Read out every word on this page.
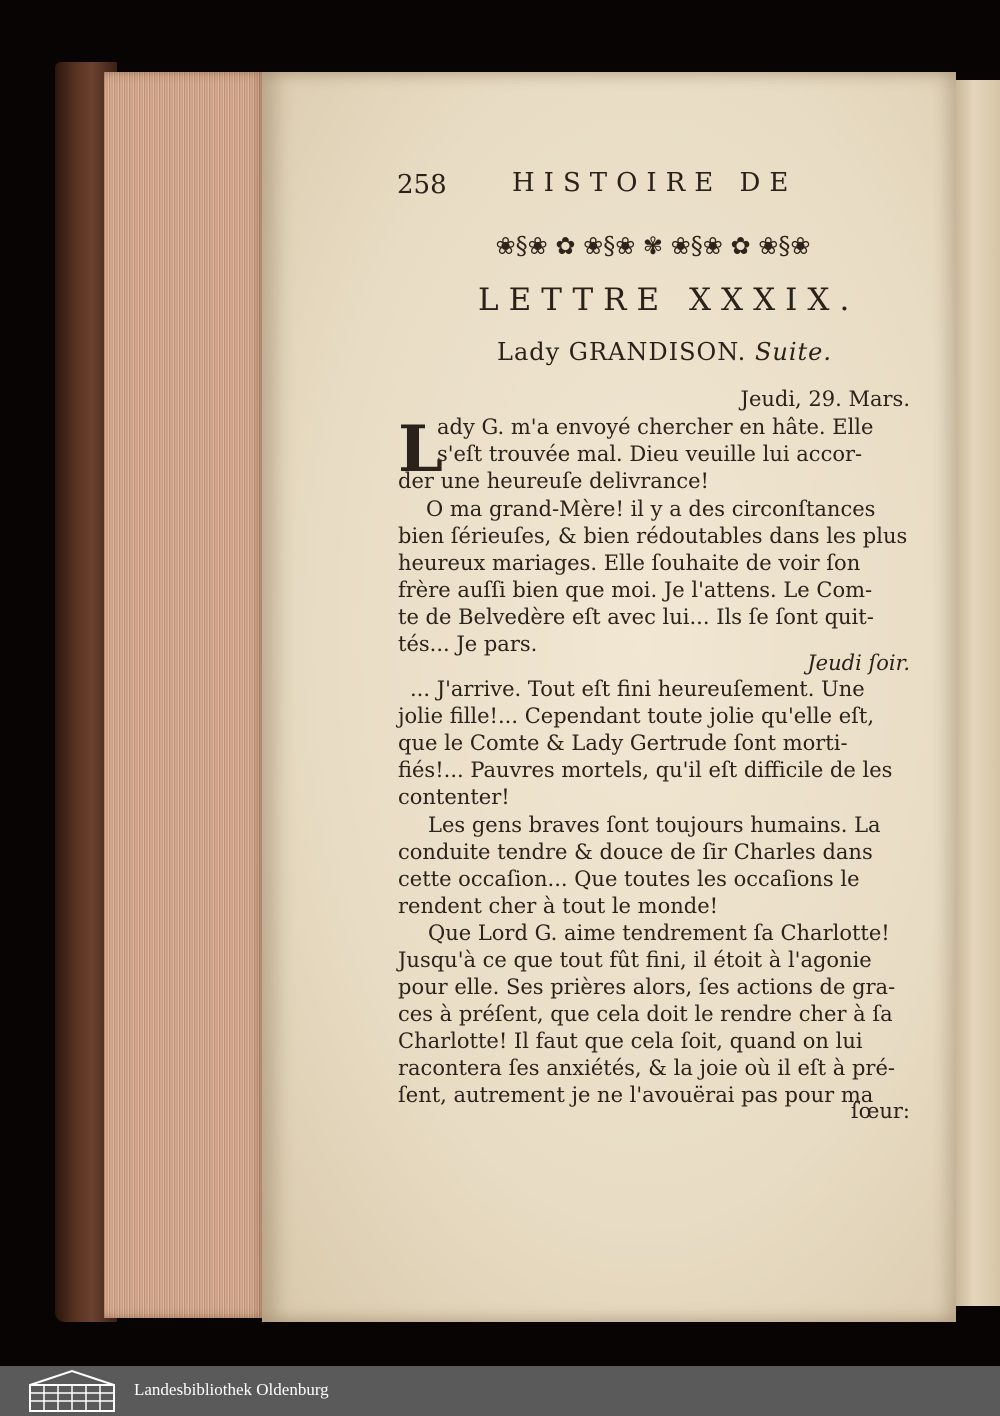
258	HISTOIRE DE
❀§❀ ✿ ❀§❀ ✾ ❀§❀ ✿ ❀§❀
LETTRE XXXIX.
Lady GRANDISON. Suite.
Jeudi, 29. Mars.
L
ady G. m'a envoyé chercher en hâte. Elle
s'eſt trouvée mal. Dieu veuille lui accor-
der une heureuſe delivrance!
O ma grand-Mère! il y a des circonſtances
bien ſérieuſes, & bien rédoutables dans les plus
heureux mariages. Elle ſouhaite de voir ſon
frère auſſi bien que moi. Je l'attens. Le Com-
te de Belvedère eſt avec lui... Ils ſe ſont quit-
tés... Je pars.
Jeudi ſoir.
... J'arrive. Tout eſt fini heureuſement. Une
jolie fille!... Cependant toute jolie qu'elle eſt,
que le Comte & Lady Gertrude ſont morti-
fiés!... Pauvres mortels, qu'il eſt difficile de les
contenter!
Les gens braves ſont toujours humains. La
conduite tendre & douce de ſir Charles dans
cette occaſion... Que toutes les occaſions le
rendent cher à tout le monde!
Que Lord G. aime tendrement ſa Charlotte!
Jusqu'à ce que tout fût fini, il étoit à l'agonie
pour elle. Ses prières alors, ſes actions de gra-
ces à préſent, que cela doit le rendre cher à ſa
Charlotte! Il faut que cela ſoit, quand on lui
racontera ſes anxiétés, & la joie où il eſt à pré-
ſent, autrement je ne l'avouërai pas pour ma
ſœur:
Landesbibliothek Oldenburg
